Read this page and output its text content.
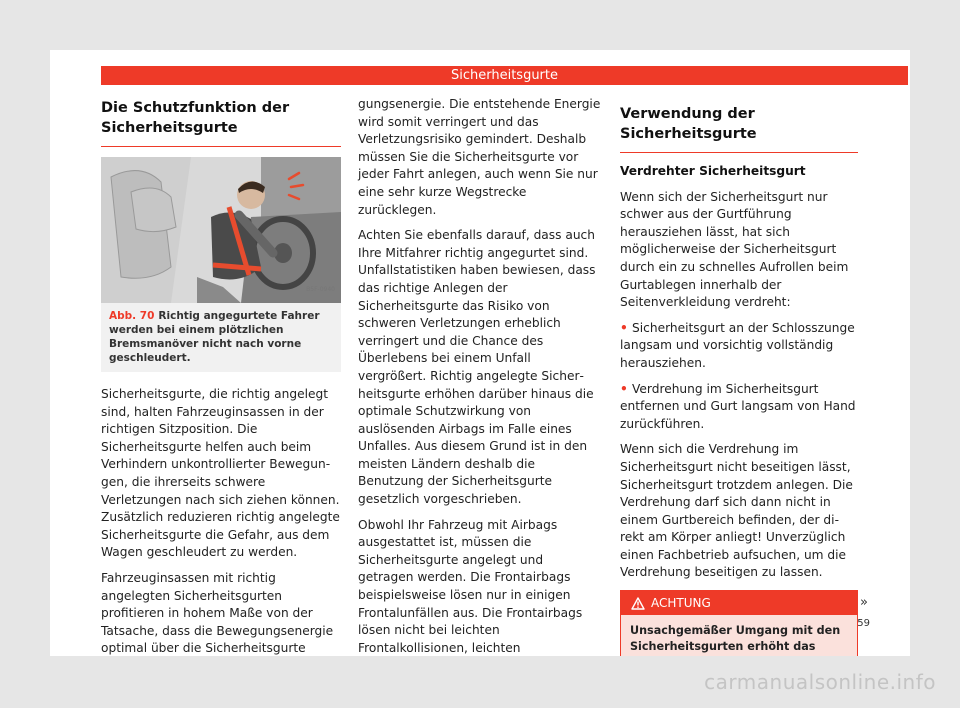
Sicherheitsgurte
Die Schutzfunktion der Sicherheitsgurte
B5F-0940
Abb. 70 Richtig angegurtete Fahrer werden bei einem plötzlichen Bremsmanöver nicht nach vorne geschleudert.

Sicherheitsgurte, die richtig angelegt sind, halten Fahrzeuginsassen in der richtigen Sitzposition. Die Sicherheitsgurte helfen auch beim Verhindern unkontrollierter Bewegungen, die ihrerseits schwere Verletzungen nach sich ziehen können. Zusätzlich reduzieren richtig angelegte Sicherheitsgurte die Gefahr, aus dem Wagen geschleudert zu werden.

Fahrzeuginsassen mit richtig angelegten Sicherheitsgurten profitieren in hohem Maße von der Tatsache, dass die Bewegungsenergie optimal über die Sicherheitsgurte

gungsenergie. Die entstehende Energie wird somit verringert und das Verletzungsrisiko gemindert. Deshalb müssen Sie die Sicherheitsgurte vor jeder Fahrt anlegen, auch wenn Sie nur eine sehr kurze Wegstrecke zurücklegen.

Achten Sie ebenfalls darauf, dass auch Ihre Mitfahrer richtig angegurtet sind. Unfallstatistiken haben bewiesen, dass das richtige Anlegen der Sicherheitsgurte das Risiko von schweren Verletzungen erheblich verringert und die Chance des Überlebens bei einem Unfall vergrößert. Richtig angelegte Sicherheitsgurte erhöhen darüber hinaus die optimale Schutzwirkung von auslösenden Airbags im Falle eines Unfalles. Aus diesem Grund ist in den meisten Ländern deshalb die Benutzung der Sicherheitsgurte gesetzlich vorgeschrieben.

Obwohl Ihr Fahrzeug mit Airbags ausgestattet ist, müssen die Sicherheitsgurte angelegt und getragen werden. Die Frontairbags beispielsweise lösen nur in einigen Frontalunfällen aus. Die Frontairbags lösen nicht bei leichten Frontalkollisionen, leichten

Verwendung der Sicherheitsgurte

Verdrehter Sicherheitsgurt

Wenn sich der Sicherheitsgurt nur schwer aus der Gurtführung herausziehen lässt, hat sich möglicherweise der Sicherheitsgurt durch ein zu schnelles Aufrollen beim Gurtablegen innerhalb der Seitenverkleidung verdreht:

• Sicherheitsgurt an der Schlosszunge langsam und vorsichtig vollständig herausziehen.

• Verdrehung im Sicherheitsgurt entfernen und Gurt langsam von Hand zurückführen.

Wenn sich die Verdrehung im Sicherheitsgurt nicht beseitigen lässt, Sicherheitsgurt trotzdem anlegen. Die Verdrehung darf sich dann nicht in einem Gurtbereich befinden, der direkt am Körper anliegt! Unverzüglich einen Fachbetrieb aufsuchen, um die Verdrehung beseitigen zu lassen.

ACHTUNG

Unsachgemäßer Umgang mit den Sicherheitsgurten erhöht das

»
59
carmanualsonline.info
